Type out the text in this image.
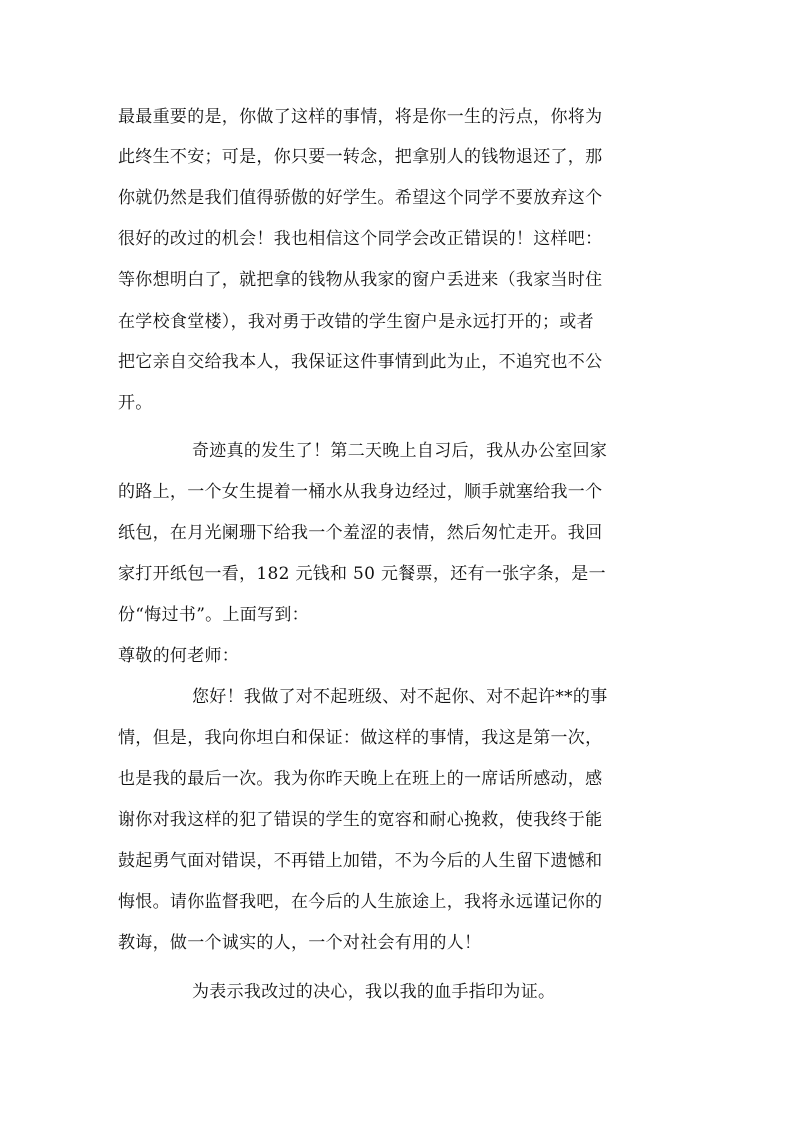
最最重要的是，你做了这样的事情，将是你一生的污点，你将为
此终生不安；可是，你只要一转念，把拿别人的钱物退还了，那
你就仍然是我们值得骄傲的好学生。希望这个同学不要放弃这个
很好的改过的机会！我也相信这个同学会改正错误的！这样吧：
等你想明白了，就把拿的钱物从我家的窗户丢进来（我家当时住
在学校食堂楼），我对勇于改错的学生窗户是永远打开的；或者
把它亲自交给我本人，我保证这件事情到此为止，不追究也不公
开。
奇迹真的发生了！第二天晚上自习后，我从办公室回家
的路上，一个女生提着一桶水从我身边经过，顺手就塞给我一个
纸包，在月光阑珊下给我一个羞涩的表情，然后匆忙走开。我回
家打开纸包一看，182 元钱和 50 元餐票，还有一张字条，是一
份“悔过书”。上面写到：
尊敬的何老师：
您好！我做了对不起班级、对不起你、对不起许**的事
情，但是，我向你坦白和保证：做这样的事情，我这是第一次，
也是我的最后一次。我为你昨天晚上在班上的一席话所感动，感
谢你对我这样的犯了错误的学生的宽容和耐心挽救，使我终于能
鼓起勇气面对错误，不再错上加错，不为今后的人生留下遗憾和
悔恨。请你监督我吧，在今后的人生旅途上，我将永远谨记你的
教诲，做一个诚实的人，一个对社会有用的人！
为表示我改过的决心，我以我的血手指印为证。
